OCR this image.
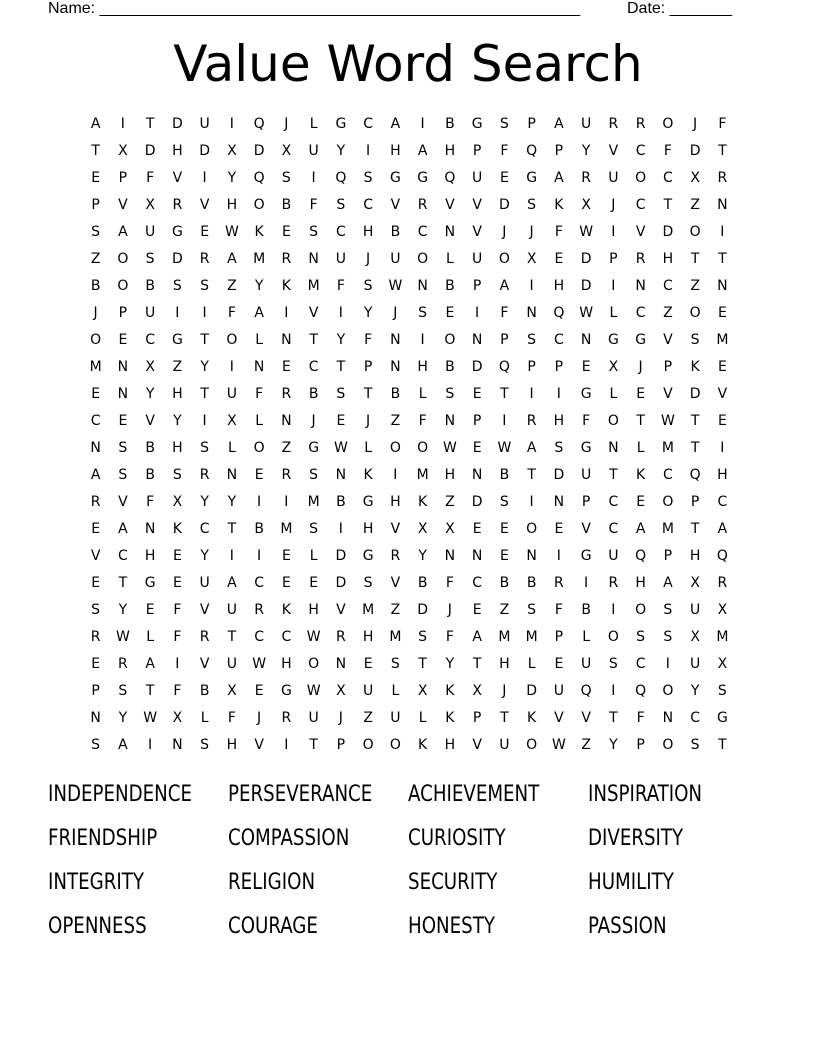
Name: ______________________________________________________	Date: _______
Value Word Search
A	I	T	D	U	I	Q	J	L	G	C	A	I	B	G	S	P	A	U	R	R	O	J	F
T	X	D	H	D	X	D	X	U	Y	I	H	A	H	P	F	Q	P	Y	V	C	F	D	T
E	P	F	V	I	Y	Q	S	I	Q	S	G	G	Q	U	E	G	A	R	U	O	C	X	R
P	V	X	R	V	H	O	B	F	S	C	V	R	V	V	D	S	K	X	J	C	T	Z	N
S	A	U	G	E	W	K	E	S	C	H	B	C	N	V	J	J	F	W	I	V	D	O	I
Z	O	S	D	R	A	M	R	N	U	J	U	O	L	U	O	X	E	D	P	R	H	T	T
B	O	B	S	S	Z	Y	K	M	F	S	W	N	B	P	A	I	H	D	I	N	C	Z	N
J	P	U	I	I	F	A	I	V	I	Y	J	S	E	I	F	N	Q	W	L	C	Z	O	E
O	E	C	G	T	O	L	N	T	Y	F	N	I	O	N	P	S	C	N	G	G	V	S	M
M	N	X	Z	Y	I	N	E	C	T	P	N	H	B	D	Q	P	P	E	X	J	P	K	E
E	N	Y	H	T	U	F	R	B	S	T	B	L	S	E	T	I	I	G	L	E	V	D	V
C	E	V	Y	I	X	L	N	J	E	J	Z	F	N	P	I	R	H	F	O	T	W	T	E
N	S	B	H	S	L	O	Z	G	W	L	O	O	W	E	W	A	S	G	N	L	M	T	I
A	S	B	S	R	N	E	R	S	N	K	I	M	H	N	B	T	D	U	T	K	C	Q	H
R	V	F	X	Y	Y	I	I	M	B	G	H	K	Z	D	S	I	N	P	C	E	O	P	C
E	A	N	K	C	T	B	M	S	I	H	V	X	X	E	E	O	E	V	C	A	M	T	A
V	C	H	E	Y	I	I	E	L	D	G	R	Y	N	N	E	N	I	G	U	Q	P	H	Q
E	T	G	E	U	A	C	E	E	D	S	V	B	F	C	B	B	R	I	R	H	A	X	R
S	Y	E	F	V	U	R	K	H	V	M	Z	D	J	E	Z	S	F	B	I	O	S	U	X
R	W	L	F	R	T	C	C	W	R	H	M	S	F	A	M	M	P	L	O	S	S	X	M
E	R	A	I	V	U	W	H	O	N	E	S	T	Y	T	H	L	E	U	S	C	I	U	X
P	S	T	F	B	X	E	G	W	X	U	L	X	K	X	J	D	U	Q	I	Q	O	Y	S
N	Y	W	X	L	F	J	R	U	J	Z	U	L	K	P	T	K	V	V	T	F	N	C	G
S	A	I	N	S	H	V	I	T	P	O	O	K	H	V	U	O	W	Z	Y	P	O	S	T
INDEPENDENCE	PERSEVERANCE	ACHIEVEMENT	INSPIRATION
FRIENDSHIP	COMPASSION	CURIOSITY	DIVERSITY
INTEGRITY	RELIGION	SECURITY	HUMILITY
OPENNESS	COURAGE	HONESTY	PASSION
